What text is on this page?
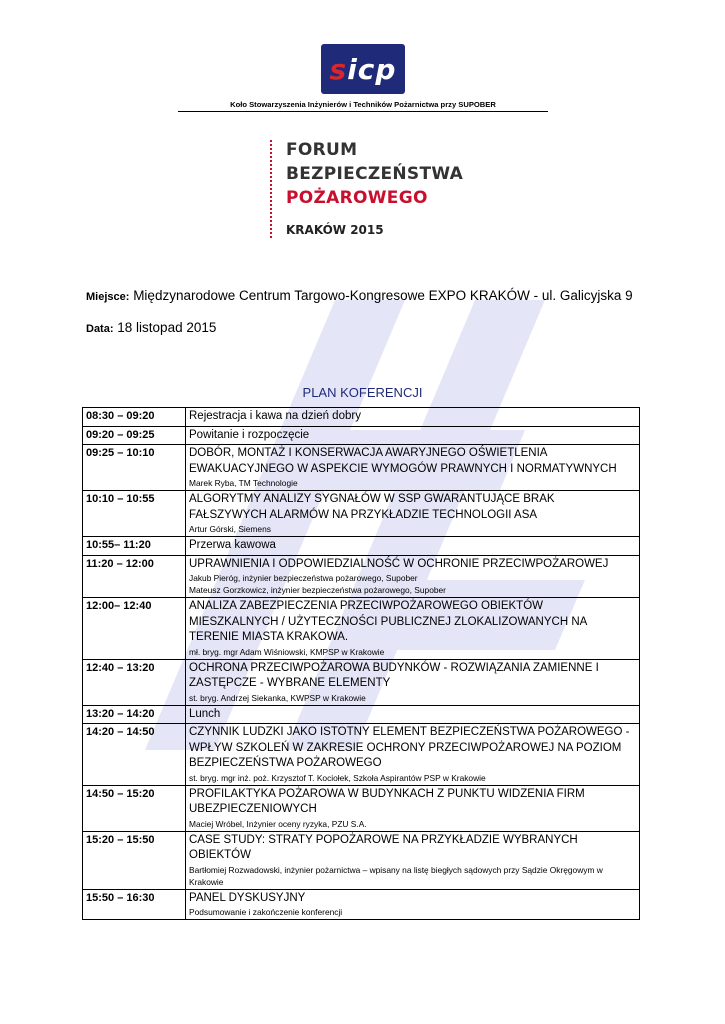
sicp
Koło Stowarzyszenia Inżynierów i Techników Pożarnictwa przy SUPOBER
FORUM
BEZPIECZEŃSTWA
POŻAROWEGO
KRAKÓW 2015
Miejsce: Międzynarodowe Centrum Targowo-Kongresowe EXPO KRAKÓW - ul. Galicyjska 9
Data: 18 listopad 2015
PLAN KOFERENCJI
08:30 – 09:20	Rejestracja i kawa na dzień dobry

09:20 – 09:25	Powitanie i rozpoczęcie

09:25 – 10:10	DOBÓR, MONTAŻ I KONSERWACJA AWARYJNEGO OŚWIETLENIA EWAKUACYJNEGO W ASPEKCIE WYMOGÓW PRAWNYCH I NORMATYWNYCH
Marek Ryba, TM Technologie

10:10 – 10:55	ALGORYTMY ANALIZY SYGNAŁÓW W SSP GWARANTUJĄCE BRAK FAŁSZYWYCH ALARMÓW NA PRZYKŁADZIE TECHNOLOGII ASA
Artur Górski, Siemens

10:55– 11:20	Przerwa kawowa

11:20 – 12:00	UPRAWNIENIA I ODPOWIEDZIALNOŚĆ W OCHRONIE PRZECIWPOŻAROWEJ
Jakub Pieróg, inżynier bezpieczeństwa pożarowego, Supober
Mateusz Gorzkowicz, inżynier bezpieczeństwa pożarowego, Supober

12:00– 12:40	ANALIZA ZABEZPIECZENIA PRZECIWPOŻAROWEGO OBIEKTÓW MIESZKALNYCH / UŻYTECZNOŚCI PUBLICZNEJ ZLOKALIZOWANYCH NA TERENIE MIASTA KRAKOWA.
mł. bryg. mgr Adam Wiśniowski, KMPSP w Krakowie

12:40 – 13:20	OCHRONA PRZECIWPOŻAROWA BUDYNKÓW - ROZWIĄZANIA ZAMIENNE I ZASTĘPCZE - WYBRANE ELEMENTY
st. bryg. Andrzej Siekanka, KWPSP w Krakowie

13:20 – 14:20	Lunch

14:20 – 14:50	CZYNNIK LUDZKI JAKO ISTOTNY ELEMENT BEZPIECZEŃSTWA POŻAROWEGO - WPŁYW SZKOLEŃ W ZAKRESIE OCHRONY PRZECIWPOŻAROWEJ NA POZIOM BEZPIECZEŃSTWA POŻAROWEGO
st. bryg. mgr inż. poż. Krzysztof T. Kociołek, Szkoła Aspirantów PSP w Krakowie

14:50 – 15:20	PROFILAKTYKA POŻAROWA W BUDYNKACH Z PUNKTU WIDZENIA FIRM UBEZPIECZENIOWYCH
Maciej Wróbel, Inżynier oceny ryzyka, PZU S.A.

15:20 – 15:50	CASE STUDY: STRATY POPOŻAROWE NA PRZYKŁADZIE WYBRANYCH OBIEKTÓW
Bartłomiej Rozwadowski, inżynier pożarnictwa – wpisany na listę biegłych sądowych przy Sądzie Okręgowym w Krakowie

15:50 – 16:30	PANEL DYSKUSYJNY
Podsumowanie i zakończenie konferencji
